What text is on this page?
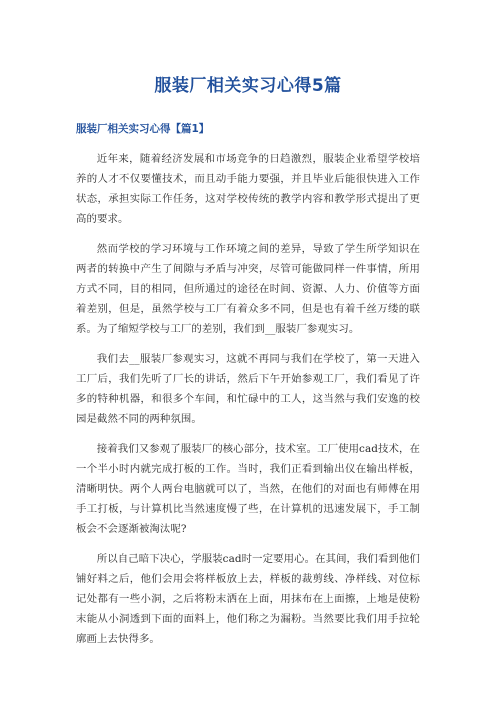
服装厂相关实习心得5篇
服装厂相关实习心得【篇1】

近年来，随着经济发展和市场竞争的日趋激烈，服装企业希望学校培养的人才不仅要懂技术，而且动手能力要强，并且毕业后能很快进入工作状态，承担实际工作任务，这对学校传统的教学内容和教学形式提出了更高的要求。

然而学校的学习环境与工作环境之间的差异，导致了学生所学知识在两者的转换中产生了间隙与矛盾与冲突，尽管可能做同样一件事情，所用方式不同，目的相同，但所通过的途径在时间、资源、人力、价值等方面着差别，但是，虽然学校与工厂有着众多不同，但是也有着千丝万缕的联系。为了缩短学校与工厂的差别，我们到__服装厂参观实习。

我们去__服装厂参观实习，这就不再同与我们在学校了，第一天进入工厂后，我们先听了厂长的讲话，然后下午开始参观工厂，我们看见了许多的特种机器，和很多个车间，和忙碌中的工人，这当然与我们安逸的校园是截然不同的两种氛围。

接着我们又参观了服装厂的核心部分，技术室。工厂使用cad技术，在一个半小时内就完成打板的工作。当时，我们正看到输出仪在输出样板，清晰明快。两个人两台电脑就可以了，当然，在他们的对面也有师傅在用手工打板，与计算机比当然速度慢了些，在计算机的迅速发展下，手工制板会不会逐渐被淘汰呢?

所以自己暗下决心，学服装cad时一定要用心。在其间，我们看到他们铺好料之后，他们会用会将样板放上去，样板的裁剪线、净样线、对位标记处都有一些小洞，之后将粉末洒在上面，用抹布在上面擦，上地是使粉末能从小洞透到下面的面料上，他们称之为漏粉。当然要比我们用手拉轮廓画上去快得多。
